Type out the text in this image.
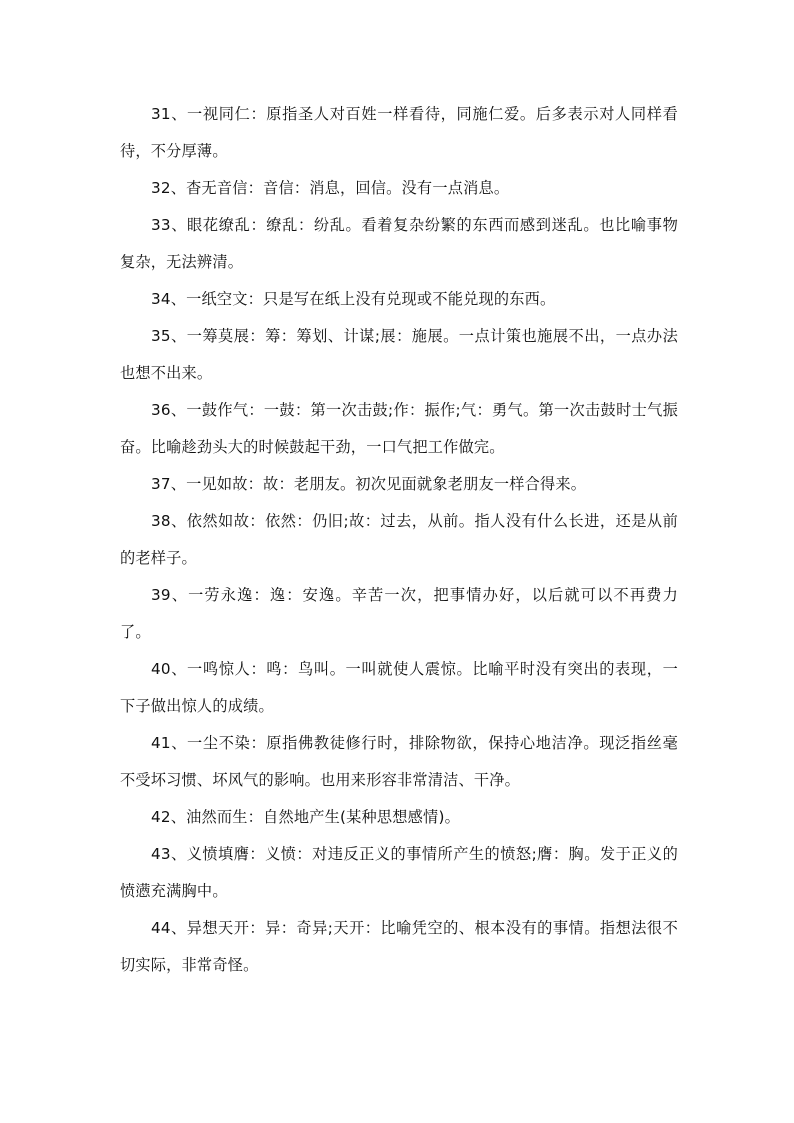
31、一视同仁：原指圣人对百姓一样看待，同施仁爱。后多表示对人同样看待，不分厚薄。

32、杳无音信：音信：消息，回信。没有一点消息。

33、眼花缭乱：缭乱：纷乱。看着复杂纷繁的东西而感到迷乱。也比喻事物复杂，无法辨清。

34、一纸空文：只是写在纸上没有兑现或不能兑现的东西。

35、一筹莫展：筹：筹划、计谋;展：施展。一点计策也施展不出，一点办法也想不出来。

36、一鼓作气：一鼓：第一次击鼓;作：振作;气：勇气。第一次击鼓时士气振奋。比喻趁劲头大的时候鼓起干劲，一口气把工作做完。

37、一见如故：故：老朋友。初次见面就象老朋友一样合得来。

38、依然如故：依然：仍旧;故：过去，从前。指人没有什么长进，还是从前的老样子。

39、一劳永逸：逸：安逸。辛苦一次，把事情办好，以后就可以不再费力了。

40、一鸣惊人：鸣：鸟叫。一叫就使人震惊。比喻平时没有突出的表现，一下子做出惊人的成绩。

41、一尘不染：原指佛教徒修行时，排除物欲，保持心地洁净。现泛指丝毫不受坏习惯、坏风气的影响。也用来形容非常清洁、干净。

42、油然而生：自然地产生(某种思想感情)。

43、义愤填膺：义愤：对违反正义的事情所产生的愤怒;膺：胸。发于正义的愤懑充满胸中。

44、异想天开：异：奇异;天开：比喻凭空的、根本没有的事情。指想法很不切实际，非常奇怪。
